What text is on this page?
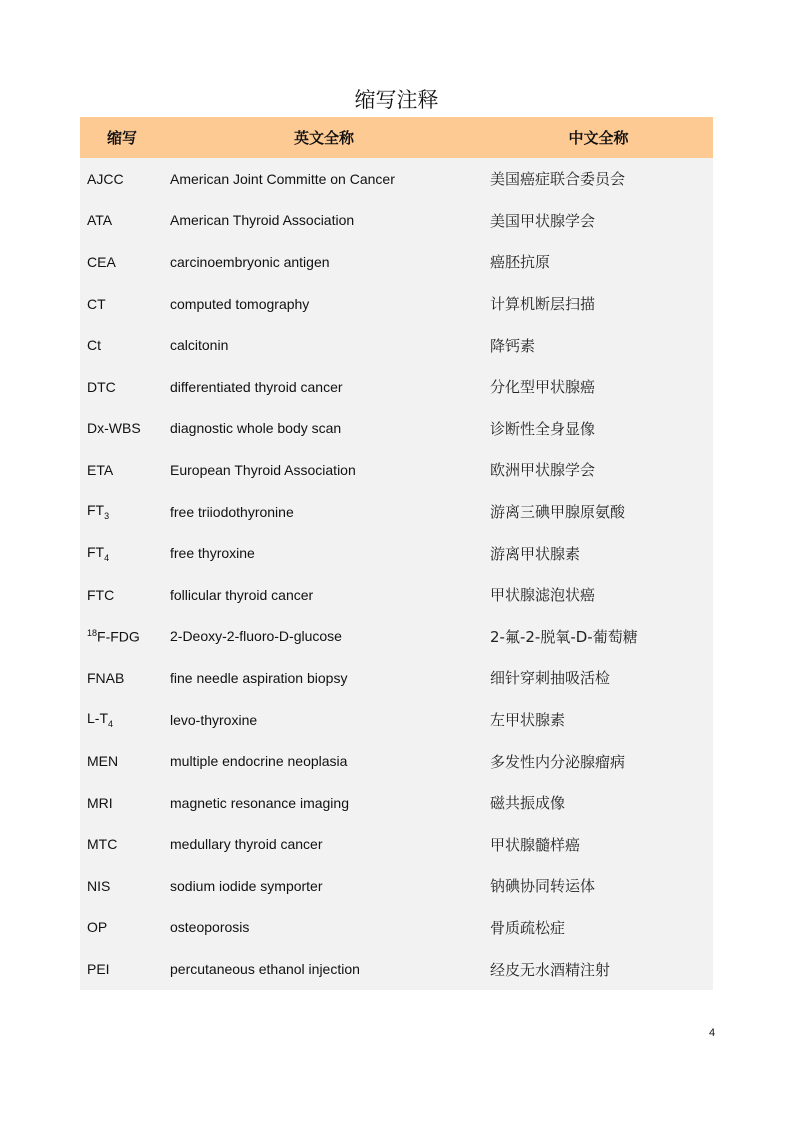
缩写注释
缩写	英文全称	中文全称
AJCC	American Joint Committe on Cancer	美国癌症联合委员会
ATA	American Thyroid Association	美国甲状腺学会
CEA	carcinoembryonic antigen	癌胚抗原
CT	computed tomography	计算机断层扫描
Ct	calcitonin	降钙素
DTC	differentiated thyroid cancer	分化型甲状腺癌
Dx-WBS	diagnostic whole body scan	诊断性全身显像
ETA	European Thyroid Association	欧洲甲状腺学会
$FT_3$	free triiodothyronine	游离三碘甲腺原氨酸
$FT_4$	free thyroxine	游离甲状腺素
FTC	follicular thyroid cancer	甲状腺滤泡状癌
$^{18}$F-FDG	2-Deoxy-2-fluoro-D-glucose	2-氟-2-脱氧-D-葡萄糖
FNAB	fine needle aspiration biopsy	细针穿刺抽吸活检
$L-T_4$	levo-thyroxine	左甲状腺素
MEN	multiple endocrine neoplasia	多发性内分泌腺瘤病
MRI	magnetic resonance imaging	磁共振成像
MTC	medullary thyroid cancer	甲状腺髓样癌
NIS	sodium iodide symporter	钠碘协同转运体
OP	osteoporosis	骨质疏松症
PEI	percutaneous ethanol injection	经皮无水酒精注射
4
